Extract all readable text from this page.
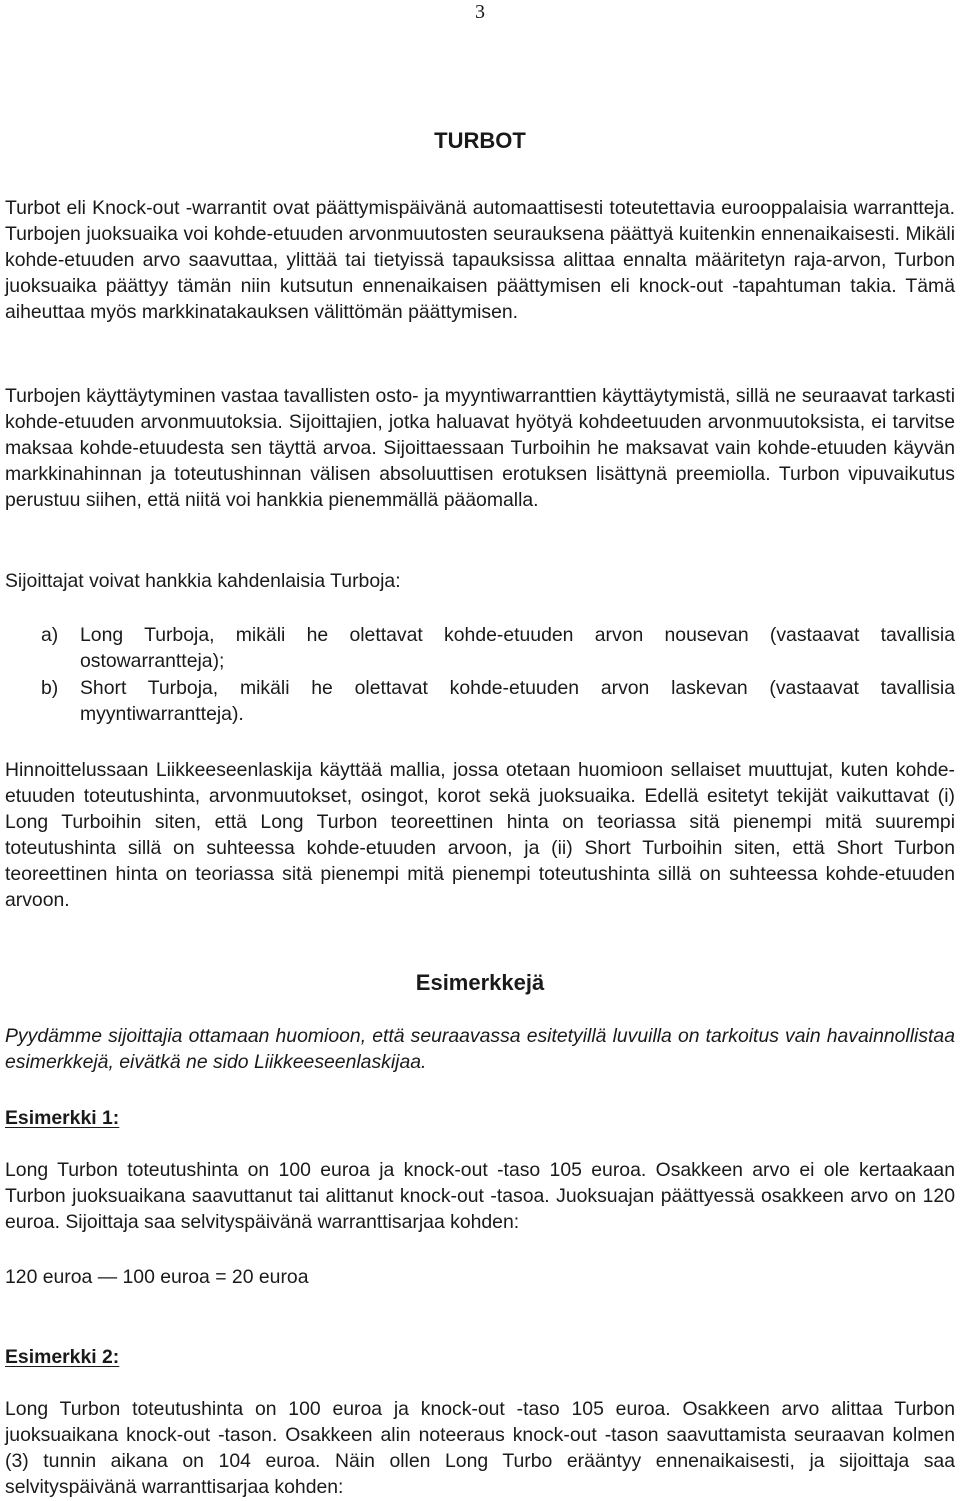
3
TURBOT

Turbot eli Knock-out -warrantit ovat päättymispäivänä automaattisesti toteutettavia eurooppalaisia warrantteja. Turbojen juoksuaika voi kohde-etuuden arvonmuutosten seurauksena päättyä kuitenkin ennenaikaisesti. Mikäli kohde-etuuden arvo saavuttaa, ylittää tai tietyissä tapauksissa alittaa ennalta määritetyn raja-arvon, Turbon juoksuaika päättyy tämän niin kutsutun ennenaikaisen päättymisen eli knock-out -tapahtuman takia. Tämä aiheuttaa myös markkinatakauksen välittömän päättymisen.

Turbojen käyttäytyminen vastaa tavallisten osto- ja myyntiwarranttien käyttäytymistä, sillä ne seuraavat tarkasti kohde-etuuden arvonmuutoksia. Sijoittajien, jotka haluavat hyötyä kohdeetuuden arvonmuutoksista, ei tarvitse maksaa kohde-etuudesta sen täyttä arvoa. Sijoittaessaan Turboihin he maksavat vain kohde-etuuden käyvän markkinahinnan ja toteutushinnan välisen absoluuttisen erotuksen lisättynä preemiolla. Turbon vipuvaikutus perustuu siihen, että niitä voi hankkia pienemmällä pääomalla.

Sijoittajat voivat hankkia kahdenlaisia Turboja:

a) Long Turboja, mikäli he olettavat kohde-etuuden arvon nousevan (vastaavat tavallisia ostowarrantteja);
b) Short Turboja, mikäli he olettavat kohde-etuuden arvon laskevan (vastaavat tavallisia myyntiwarrantteja).

Hinnoittelussaan Liikkeeseenlaskija käyttää mallia, jossa otetaan huomioon sellaiset muuttujat, kuten kohde-etuuden toteutushinta, arvonmuutokset, osingot, korot sekä juoksuaika. Edellä esitetyt tekijät vaikuttavat (i) Long Turboihin siten, että Long Turbon teoreettinen hinta on teoriassa sitä pienempi mitä suurempi toteutushinta sillä on suhteessa kohde-etuuden arvoon, ja (ii) Short Turboihin siten, että Short Turbon teoreettinen hinta on teoriassa sitä pienempi mitä pienempi toteutushinta sillä on suhteessa kohde-etuuden arvoon.

Esimerkkejä

Pyydämme sijoittajia ottamaan huomioon, että seuraavassa esitetyillä luvuilla on tarkoitus vain havainnollistaa esimerkkejä, eivätkä ne sido Liikkeeseenlaskijaa.

Esimerkki 1:

Long Turbon toteutushinta on 100 euroa ja knock-out -taso 105 euroa. Osakkeen arvo ei ole kertaakaan Turbon juoksuaikana saavuttanut tai alittanut knock-out -tasoa. Juoksuajan päättyessä osakkeen arvo on 120 euroa. Sijoittaja saa selvityspäivänä warranttisarjaa kohden:

120 euroa — 100 euroa = 20 euroa

Esimerkki 2:

Long Turbon toteutushinta on 100 euroa ja knock-out -taso 105 euroa. Osakkeen arvo alittaa Turbon juoksuaikana knock-out -tason. Osakkeen alin noteeraus knock-out -tason saavuttamista seuraavan kolmen (3) tunnin aikana on 104 euroa. Näin ollen Long Turbo erääntyy ennenaikaisesti, ja sijoittaja saa selvityspäivänä warranttisarjaa kohden:
